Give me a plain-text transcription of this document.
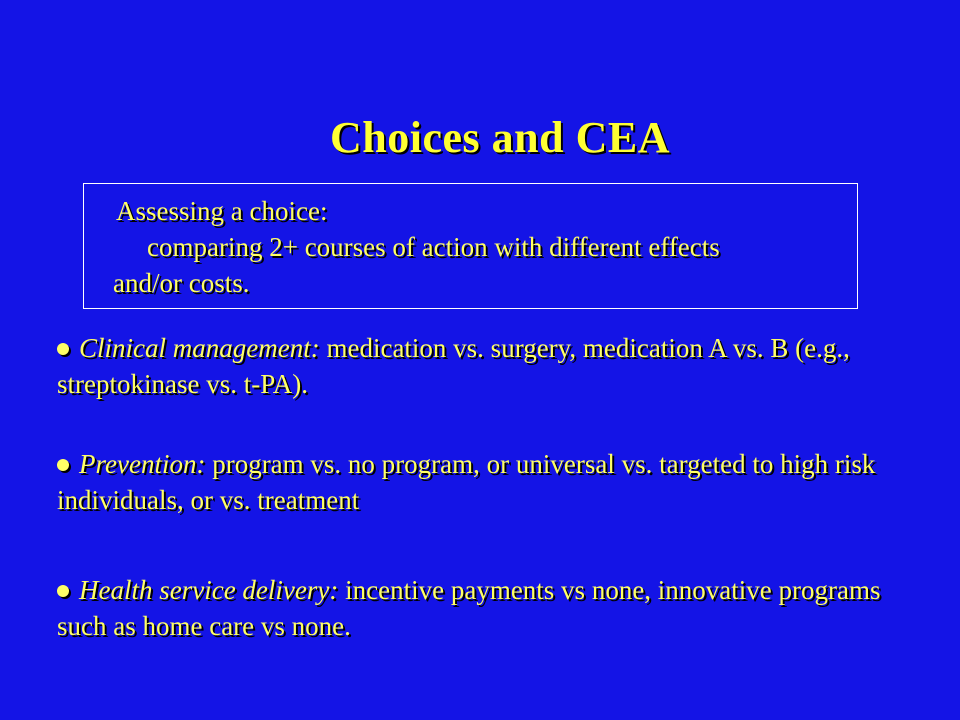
Choices and CEA
Assessing a choice:
comparing 2+ courses of action with different effects
and/or costs.
Clinical management: medication vs. surgery, medication A vs. B (e.g., streptokinase vs. t-PA).
Prevention: program vs. no program, or universal vs. targeted to high risk individuals, or vs. treatment
Health service delivery: incentive payments vs none, innovative programs such as home care vs none.
